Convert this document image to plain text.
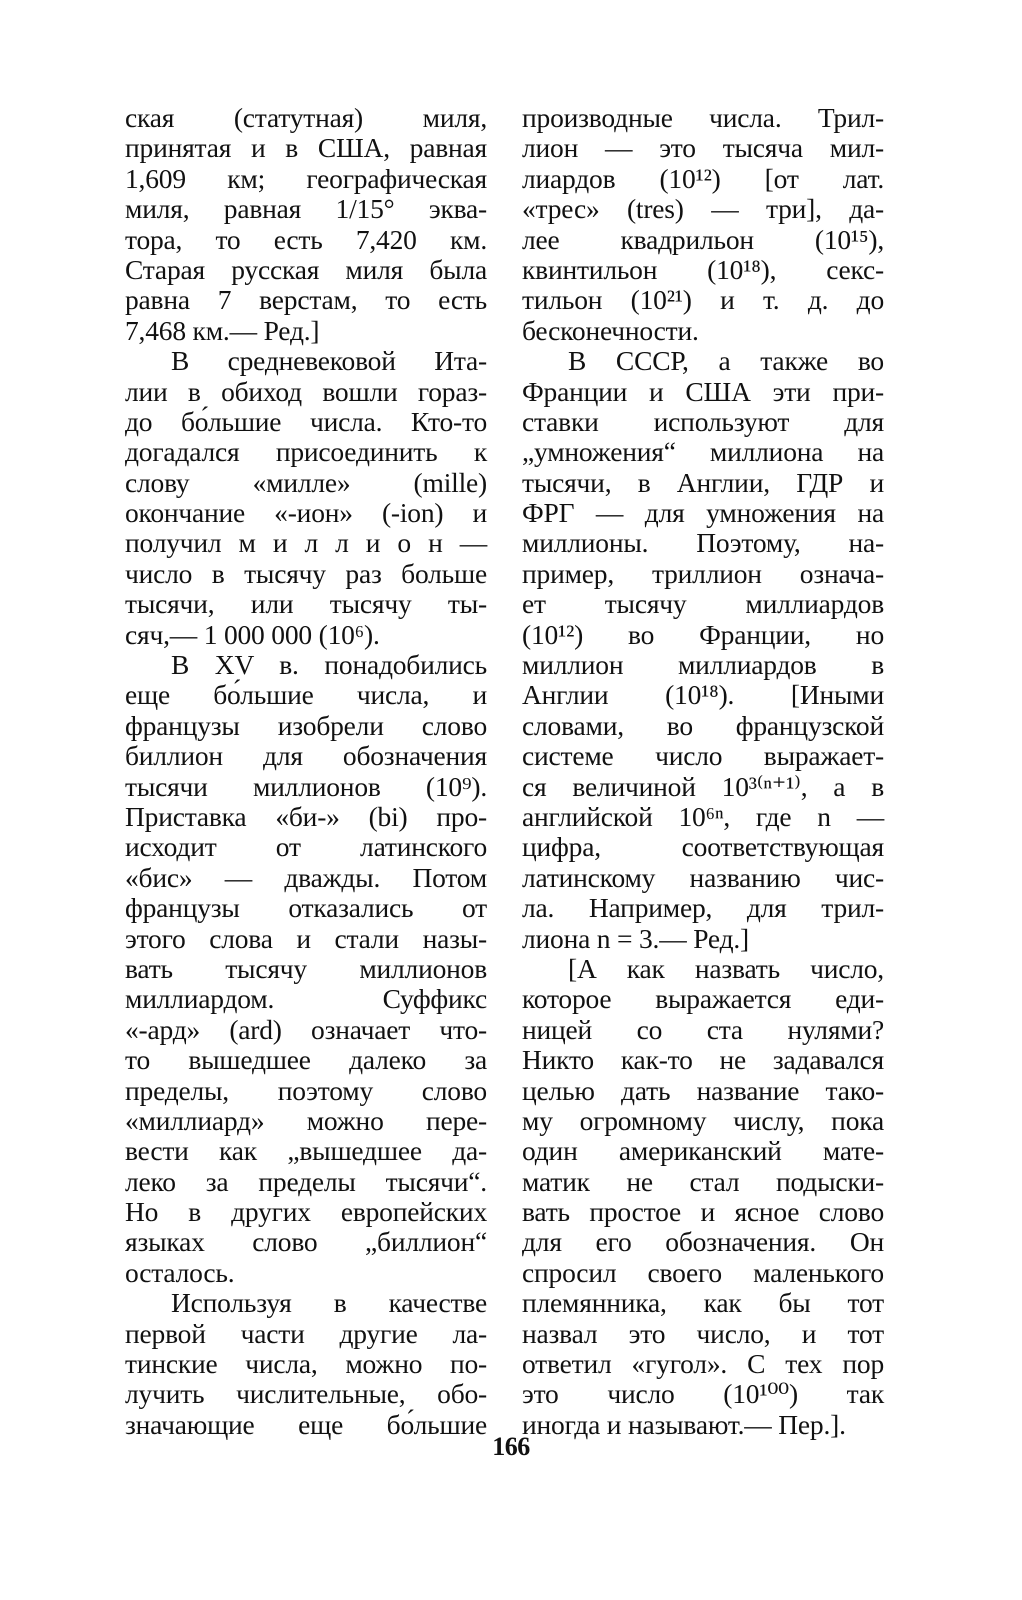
ская (статутная) миля,
принятая и в США, равная
1,609 км; географическая
миля, равная 1/15° эква-
тора, то есть 7,420 км.
Старая русская миля была
равна 7 верстам, то есть
7,468 км.— Ред.]
В средневековой Ита-
лии в обиход вошли гораз-
до бо́льшие числа. Кто-то
догадался присоединить к
слову «милле» (mille)
окончание «-ион» (-ion) и
получил м и л л и о н —
число в тысячу раз больше
тысячи, или тысячу ты-
сяч,— 1 000 000 (10⁶).
В XV в. понадобились
еще бо́льшие числа, и
французы изобрели слово
биллион для обозначения
тысячи миллионов (10⁹).
Приставка «би-» (bi) про-
исходит от латинского
«бис» — дважды. Потом
французы отказались от
этого слова и стали назы-
вать тысячу миллионов
миллиардом. Суффикс
«-ард» (ard) означает что-
то вышедшее далеко за
пределы, поэтому слово
«миллиард» можно пере-
вести как „вышедшее да-
леко за пределы тысячи“.
Но в других европейских
языках слово „биллион“
осталось.
Используя в качестве
первой части другие ла-
тинские числа, можно по-
лучить числительные, обо-
значающие еще бо́льшие
производные числа. Трил-
лион — это тысяча мил-
лиардов (10¹²) [от лат.
«трес» (tres) — три], да-
лее квадрильон (10¹⁵),
квинтильон (10¹⁸), секс-
тильон (10²¹) и т. д. до
бесконечности.
В СССР, а также во
Франции и США эти при-
ставки используют для
„умножения“ миллиона на
тысячи, в Англии, ГДР и
ФРГ — для умножения на
миллионы. Поэтому, на-
пример, триллион означа-
ет тысячу миллиардов
(10¹²) во Франции, но
миллион миллиардов в
Англии (10¹⁸). [Иными
словами, во французской
системе число выражает-
ся величиной 10³⁽ⁿ⁺¹⁾, а в
английской 10⁶ⁿ, где n —
цифра, соответствующая
латинскому названию чис-
ла. Например, для трил-
лиона n = 3.— Ред.]
[А как назвать число,
которое выражается еди-
ницей со ста нулями?
Никто как-то не задавался
целью дать название тако-
му огромному числу, пока
один американский мате-
матик не стал подыски-
вать простое и ясное слово
для его обозначения. Он
спросил своего маленького
племянника, как бы тот
назвал это число, и тот
ответил «гугол». С тех пор
это число (10¹⁰⁰) так
иногда и называют.— Пер.].
166
